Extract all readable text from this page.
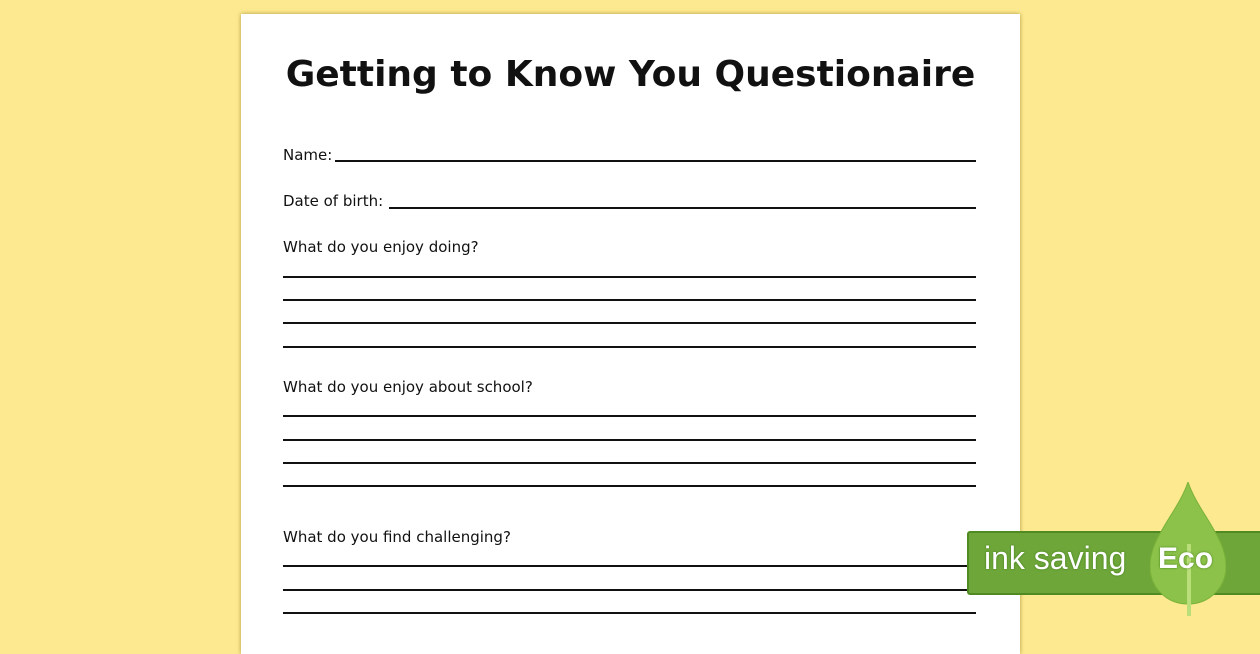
Getting to Know You Questionaire
Name:
Date of birth:
What do you enjoy doing?
What do you enjoy about school?
What do you find challenging?
ink saving Eco
